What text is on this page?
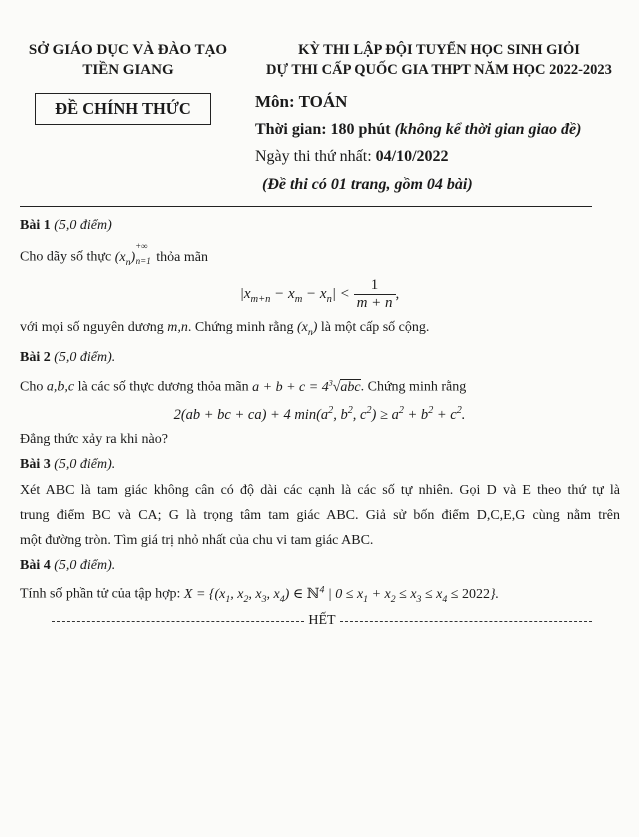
SỞ GIÁO DỤC VÀ ĐÀO TẠO
TIỀN GIANG
KỲ THI LẬP ĐỘI TUYỂN HỌC SINH GIỎI
DỰ THI CẤP QUỐC GIA THPT NĂM HỌC 2022-2023
ĐỀ CHÍNH THỨC	Môn: TOÁN
Thời gian: 180 phút (không kể thời gian giao đề)
Ngày thi thứ nhất: 04/10/2022
(Đề thi có 01 trang, gồm 04 bài)
Bài 1 (5,0 điểm)
Cho dãy số thực $(x_n)^{+\infty}_{n=1}$ thỏa mãn
$|x_{m+n} - x_m - x_n| < \frac{1}{m + n}$ ,
với mọi số nguyên dương m,n. Chứng minh rằng $(x_n)$ là một cấp số cộng.
Bài 2 (5,0 điểm).
Cho a,b,c là các số thực dương thỏa mãn $a + b + c = 4^3√abc$. Chứng minh rằng
2(ab + bc + ca) + 4 $\min(a^2$, $b^2$, $c^2) \ge a^2 + b^2 + c^2$.
Đẳng thức xảy ra khi nào?
Bài 3 (5,0 điểm).
Xét ABC là tam giác không cân có độ dài các cạnh là các số tự nhiên. Gọi D và E theo thứ tự là
trung điểm BC và CA; G là trọng tâm tam giác ABC. Giả sử bốn điểm D,C,E,G cùng nằm trên
một đường tròn. Tìm giá trị nhỏ nhất của chu vi tam giác ABC.
Bài 4 (5,0 điểm).
Tính số phần tử của tập hợp: $X = \{(x_1$, $x_2$, $x_3$, $x_4$) ∈ ℕ$^4$ | $0 \le x_1 + x_2 \le x_3 \le x_4 \le 2022$}.
HẾT
